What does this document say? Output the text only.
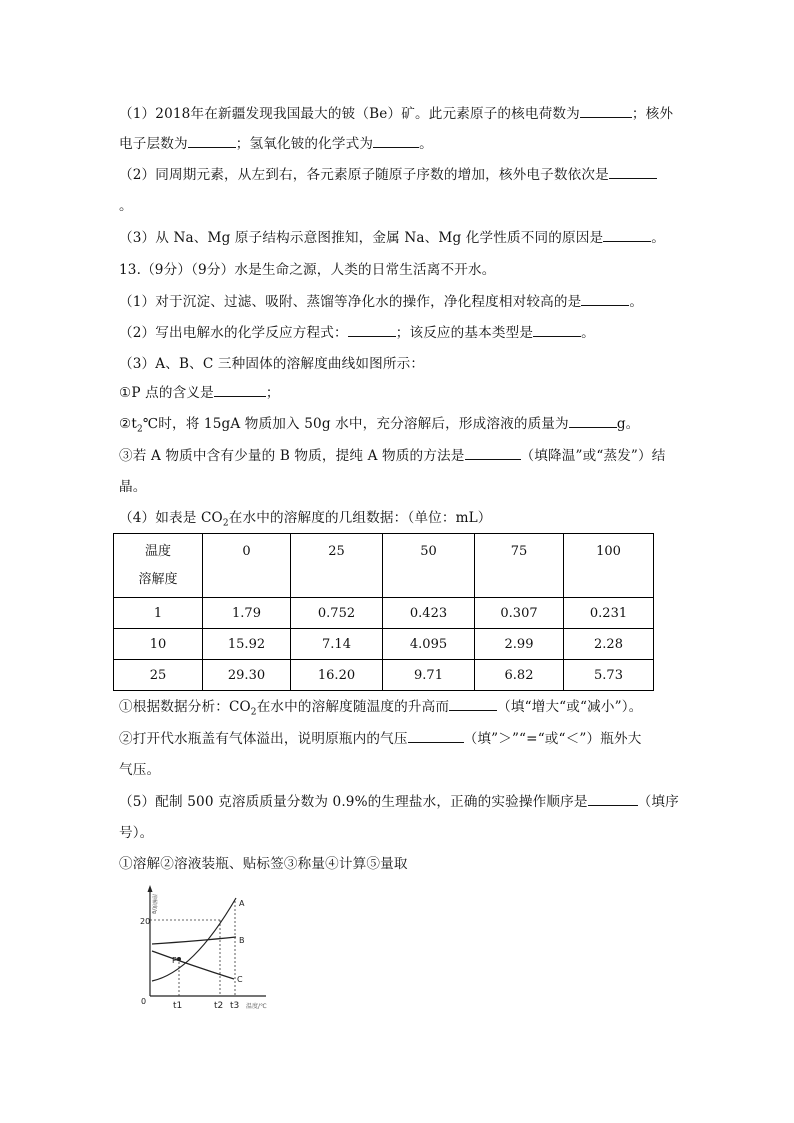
（1）2018年在新疆发现我国最大的铍（Be）矿。此元素原子的核电荷数为	；核外
电子层数为	；氢氧化铍的化学式为	。
（2）同周期元素，从左到右，各元素原子随原子序数的增加，核外电子数依次是
。
（3）从 Na、Mg 原子结构示意图推知，金属 Na、Mg 化学性质不同的原因是	。
13.（9分）（9分）水是生命之源，人类的日常生活离不开水。
（1）对于沉淀、过滤、吸附、蒸馏等净化水的操作，净化程度相对较高的是	。
（2）写出电解水的化学反应方程式：	；该反应的基本类型是	。
（3）A、B、C 三种固体的溶解度曲线如图所示：
①P 点的含义是	；
$②t_2℃$时，将 15gA 物质加入 50g 水中，充分溶解后，形成溶液的质量为	g。
③若 A 物质中含有少量的 B 物质，提纯 A 物质的方法是	（填降温”或“蒸发”）结
晶。
（4）如表是 $CO_2$在水中的溶解度的几组数据：（单位：mL）
温度
溶解度	0	25	50	75	100
1	1.79	0.752	0.423	0.307	0.231
10	15.92	7.14	4.095	2.99	2.28
25	29.30	16.20	9.71	6.82	5.73
①根据数据分析：$CO_2$在水中的溶解度随温度的升高而	（填“增大“或“减小”）。
②打开代水瓶盖有气体溢出，说明原瓶内的气压	（填”＞”“=“或“＜”）瓶外大
气压。
（5）配制 500 克溶质质量分数为 0.9%的生理盐水，正确的实验操作顺序是	（填序
号）。
①溶解②溶液装瓶、贴标签③称量④计算⑤量取
溶解度/g
20
0
P
A
B
C
t1	t2 t3 温度/℃
